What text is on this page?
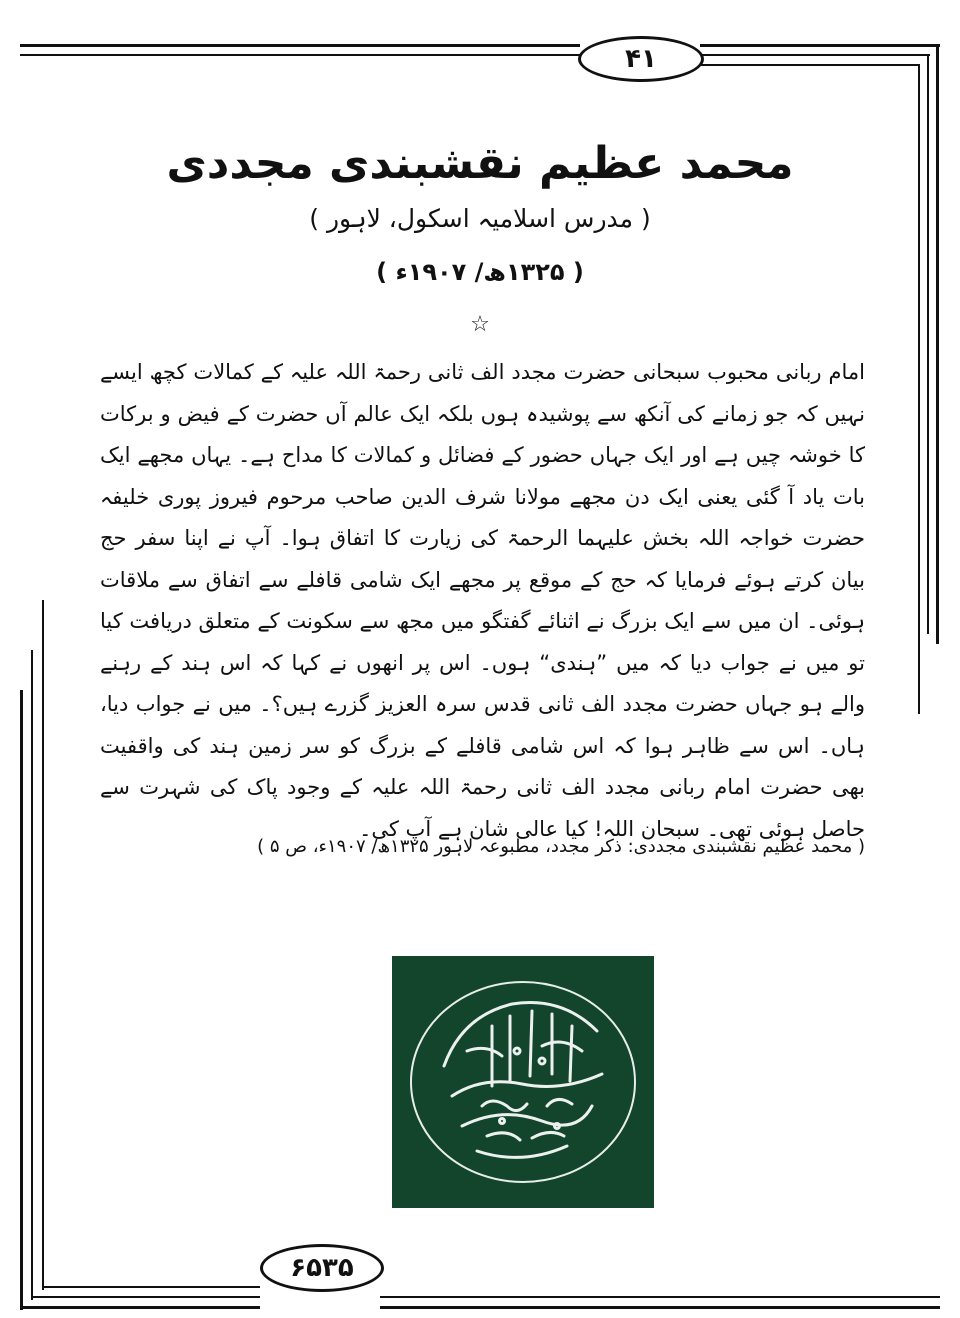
۴۱
۶۵۳۵
محمد عظیم نقشبندی مجددی
( مدرس اسلامیہ اسکول، لاہور )
( ۱۳۲۵ھ/ ۱۹۰۷ء )
☆

امام ربانی محبوب سبحانی حضرت مجدد الف ثانی رحمۃ اللہ علیہ کے کمالات کچھ ایسے نہیں کہ جو زمانے کی آنکھ سے پوشیدہ ہوں بلکہ ایک عالم آں حضرت کے فیض و برکات کا خوشہ چیں ہے اور ایک جہاں حضور کے فضائل و کمالات کا مداح ہے۔ یہاں مجھے ایک بات یاد آ گئی یعنی ایک دن مجھے مولانا شرف الدین صاحب مرحوم فیروز پوری خلیفہ حضرت خواجہ اللہ بخش علیہما الرحمۃ کی زیارت کا اتفاق ہوا۔ آپ نے اپنا سفر حج بیان کرتے ہوئے فرمایا کہ حج کے موقع پر مجھے ایک شامی قافلے سے اتفاق سے ملاقات ہوئی۔ ان میں سے ایک بزرگ نے اثنائے گفتگو میں مجھ سے سکونت کے متعلق دریافت کیا تو میں نے جواب دیا کہ میں ”ہندی“ ہوں۔ اس پر انھوں نے کہا کہ اس ہند کے رہنے والے ہو جہاں حضرت مجدد الف ثانی قدس سرہ العزیز گزرے ہیں؟۔ میں نے جواب دیا، ہاں۔ اس سے ظاہر ہوا کہ اس شامی قافلے کے بزرگ کو سر زمین ہند کی واقفیت بھی حضرت امام ربانی مجدد الف ثانی رحمۃ اللہ علیہ کے وجود پاک کی شہرت سے حاصل ہوئی تھی۔ سبحان اللہ! کیا عالی شان ہے آپ کی۔

( محمد عظیم نقشبندی مجددی: ذکر مجدد، مطبوعہ لاہور ۱۳۲۵ھ/ ۱۹۰۷ء، ص ۵ )
